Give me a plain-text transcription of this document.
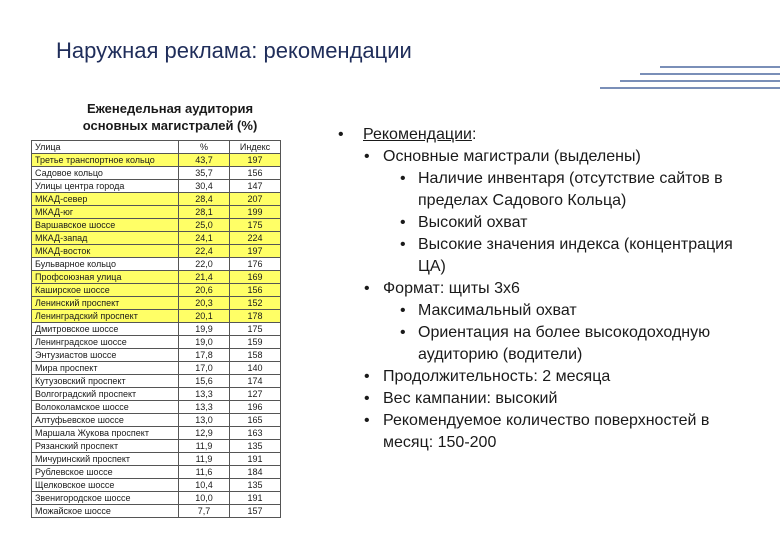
Наружная реклама: рекомендации
Еженедельная аудитория
основных магистралей (%)
Улица	%	Индекс
Третье транспортное кольцо	43,7	197
Садовое кольцо	35,7	156
Улицы центра города	30,4	147
МКАД-север	28,4	207
МКАД-юг	28,1	199
Варшавское шоссе	25,0	175
МКАД-запад	24,1	224
МКАД-восток	22,4	197
Бульварное кольцо	22,0	176
Профсоюзная улица	21,4	169
Каширское шоссе	20,6	156
Ленинский проспект	20,3	152
Ленинградский проспект	20,1	178
Дмитровское шоссе	19,9	175
Ленинградское шоссе	19,0	159
Энтузиастов шоссе	17,8	158
Мира проспект	17,0	140
Кутузовский проспект	15,6	174
Волгоградский проспект	13,3	127
Волоколамское шоссе	13,3	196
Алтуфьевское шоссе	13,0	165
Маршала Жукова проспект	12,9	163
Рязанский проспект	11,9	135
Мичуринский проспект	11,9	191
Рублевское шоссе	11,6	184
Щелковское шоссе	10,4	135
Звенигородское шоссе	10,0	191
Можайское шоссе	7,7	157
• Рекомендации:
• Основные магистрали (выделены)
• Наличие инвентаря (отсутствие сайтов в пределах Садового Кольца)
• Высокий охват
• Высокие значения индекса (концентрация ЦА)
• Формат: щиты 3х6
• Максимальный охват
• Ориентация на более высокодоходную аудиторию (водители)
• Продолжительность: 2 месяца
• Вес кампании: высокий
• Рекомендуемое количество поверхностей в месяц: 150-200
